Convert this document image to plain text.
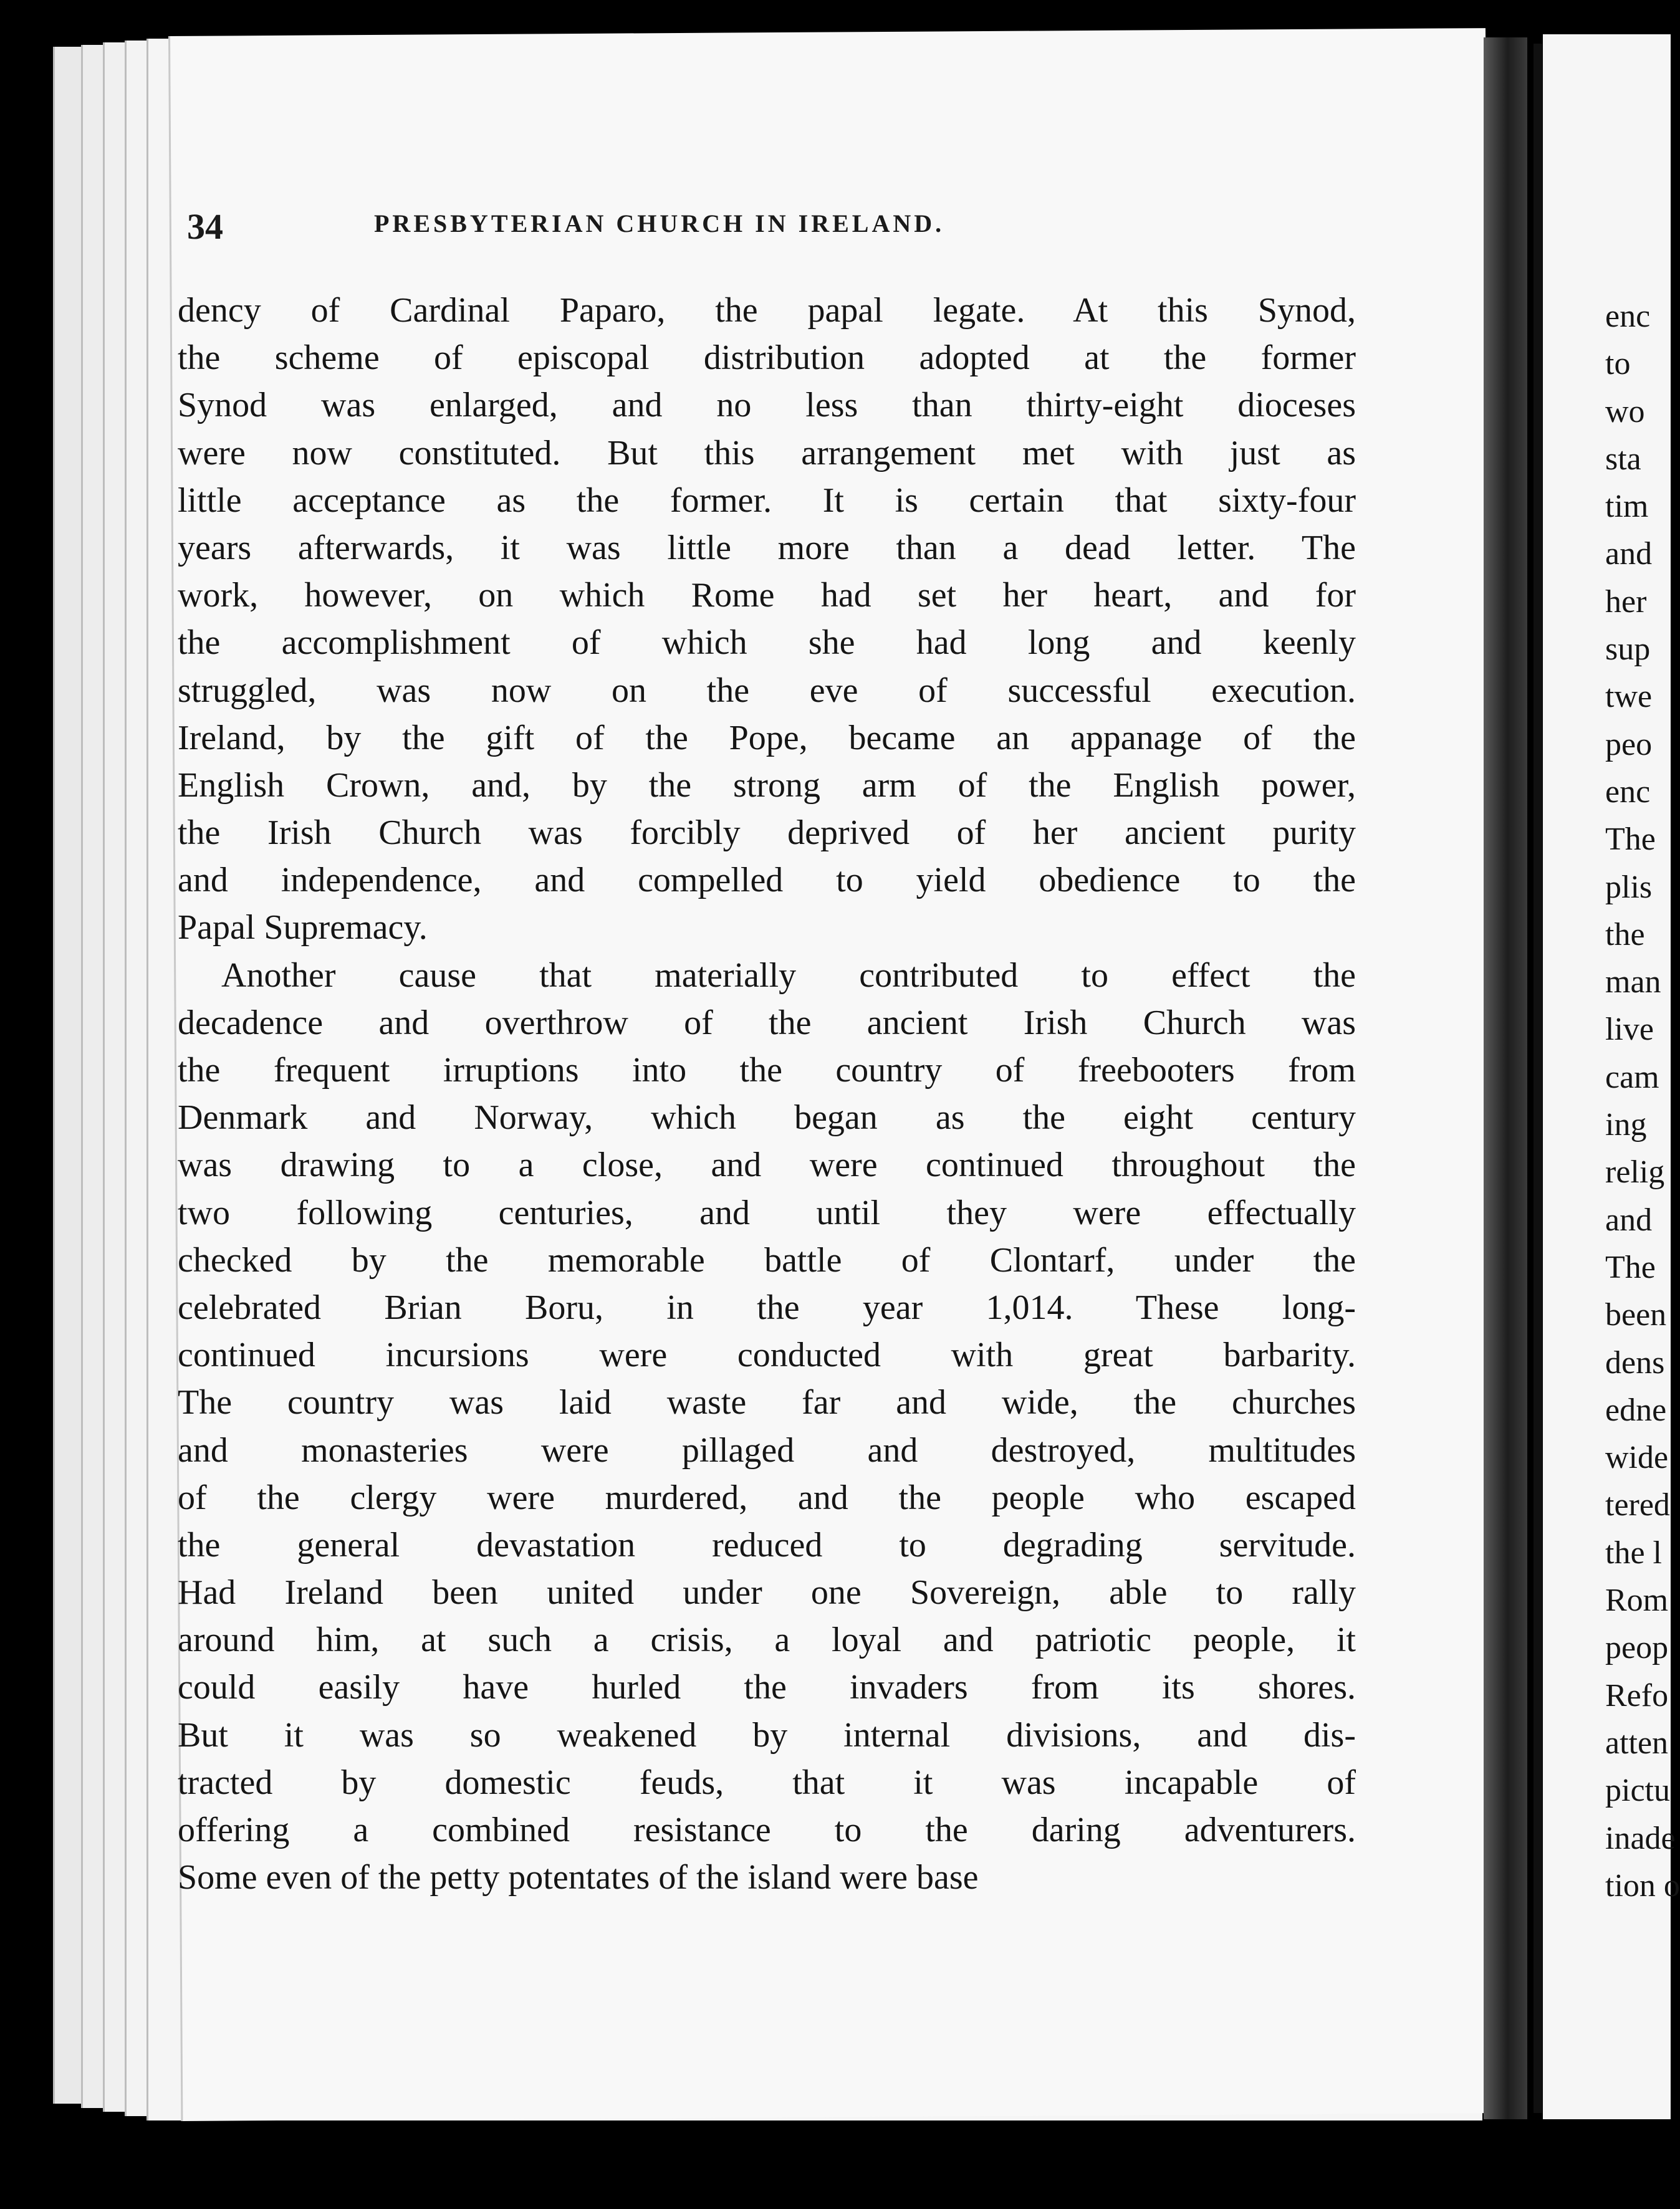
34	PRESBYTERIAN CHURCH IN IRELAND.
dency of Cardinal Paparo, the papal legate. At this Synod,
the scheme of episcopal distribution adopted at the former
Synod was enlarged, and no less than thirty-eight dioceses
were now constituted. But this arrangement met with just as
little acceptance as the former. It is certain that sixty-four
years afterwards, it was little more than a dead letter. The
work, however, on which Rome had set her heart, and for
the accomplishment of which she had long and keenly
struggled, was now on the eve of successful execution.
Ireland, by the gift of the Pope, became an appanage of the
English Crown, and, by the strong arm of the English power,
the Irish Church was forcibly deprived of her ancient purity
and independence, and compelled to yield obedience to the
Papal Supremacy.
Another cause that materially contributed to effect the
decadence and overthrow of the ancient Irish Church was
the frequent irruptions into the country of freebooters from
Denmark and Norway, which began as the eight century
was drawing to a close, and were continued throughout the
two following centuries, and until they were effectually
checked by the memorable battle of Clontarf, under the
celebrated Brian Boru, in the year 1,014. These long-
continued incursions were conducted with great barbarity.
The country was laid waste far and wide, the churches
and monasteries were pillaged and destroyed, multitudes
of the clergy were murdered, and the people who escaped
the general devastation reduced to degrading servitude.
Had Ireland been united under one Sovereign, able to rally
around him, at such a crisis, a loyal and patriotic people, it
could easily have hurled the invaders from its shores.
But it was so weakened by internal divisions, and dis-
tracted by domestic feuds, that it was incapable of
offering a combined resistance to the daring adventurers.
Some even of the petty potentates of the island were base
enc
to
wo
sta
tim
and
her
sup
twe
peo
enc
The
plis
the
man
live
cam
ing
relig
and
The
been
dens
edne
wide
tered
the l
Rom
peop
Refo
atten
pictu
inade
tion o
